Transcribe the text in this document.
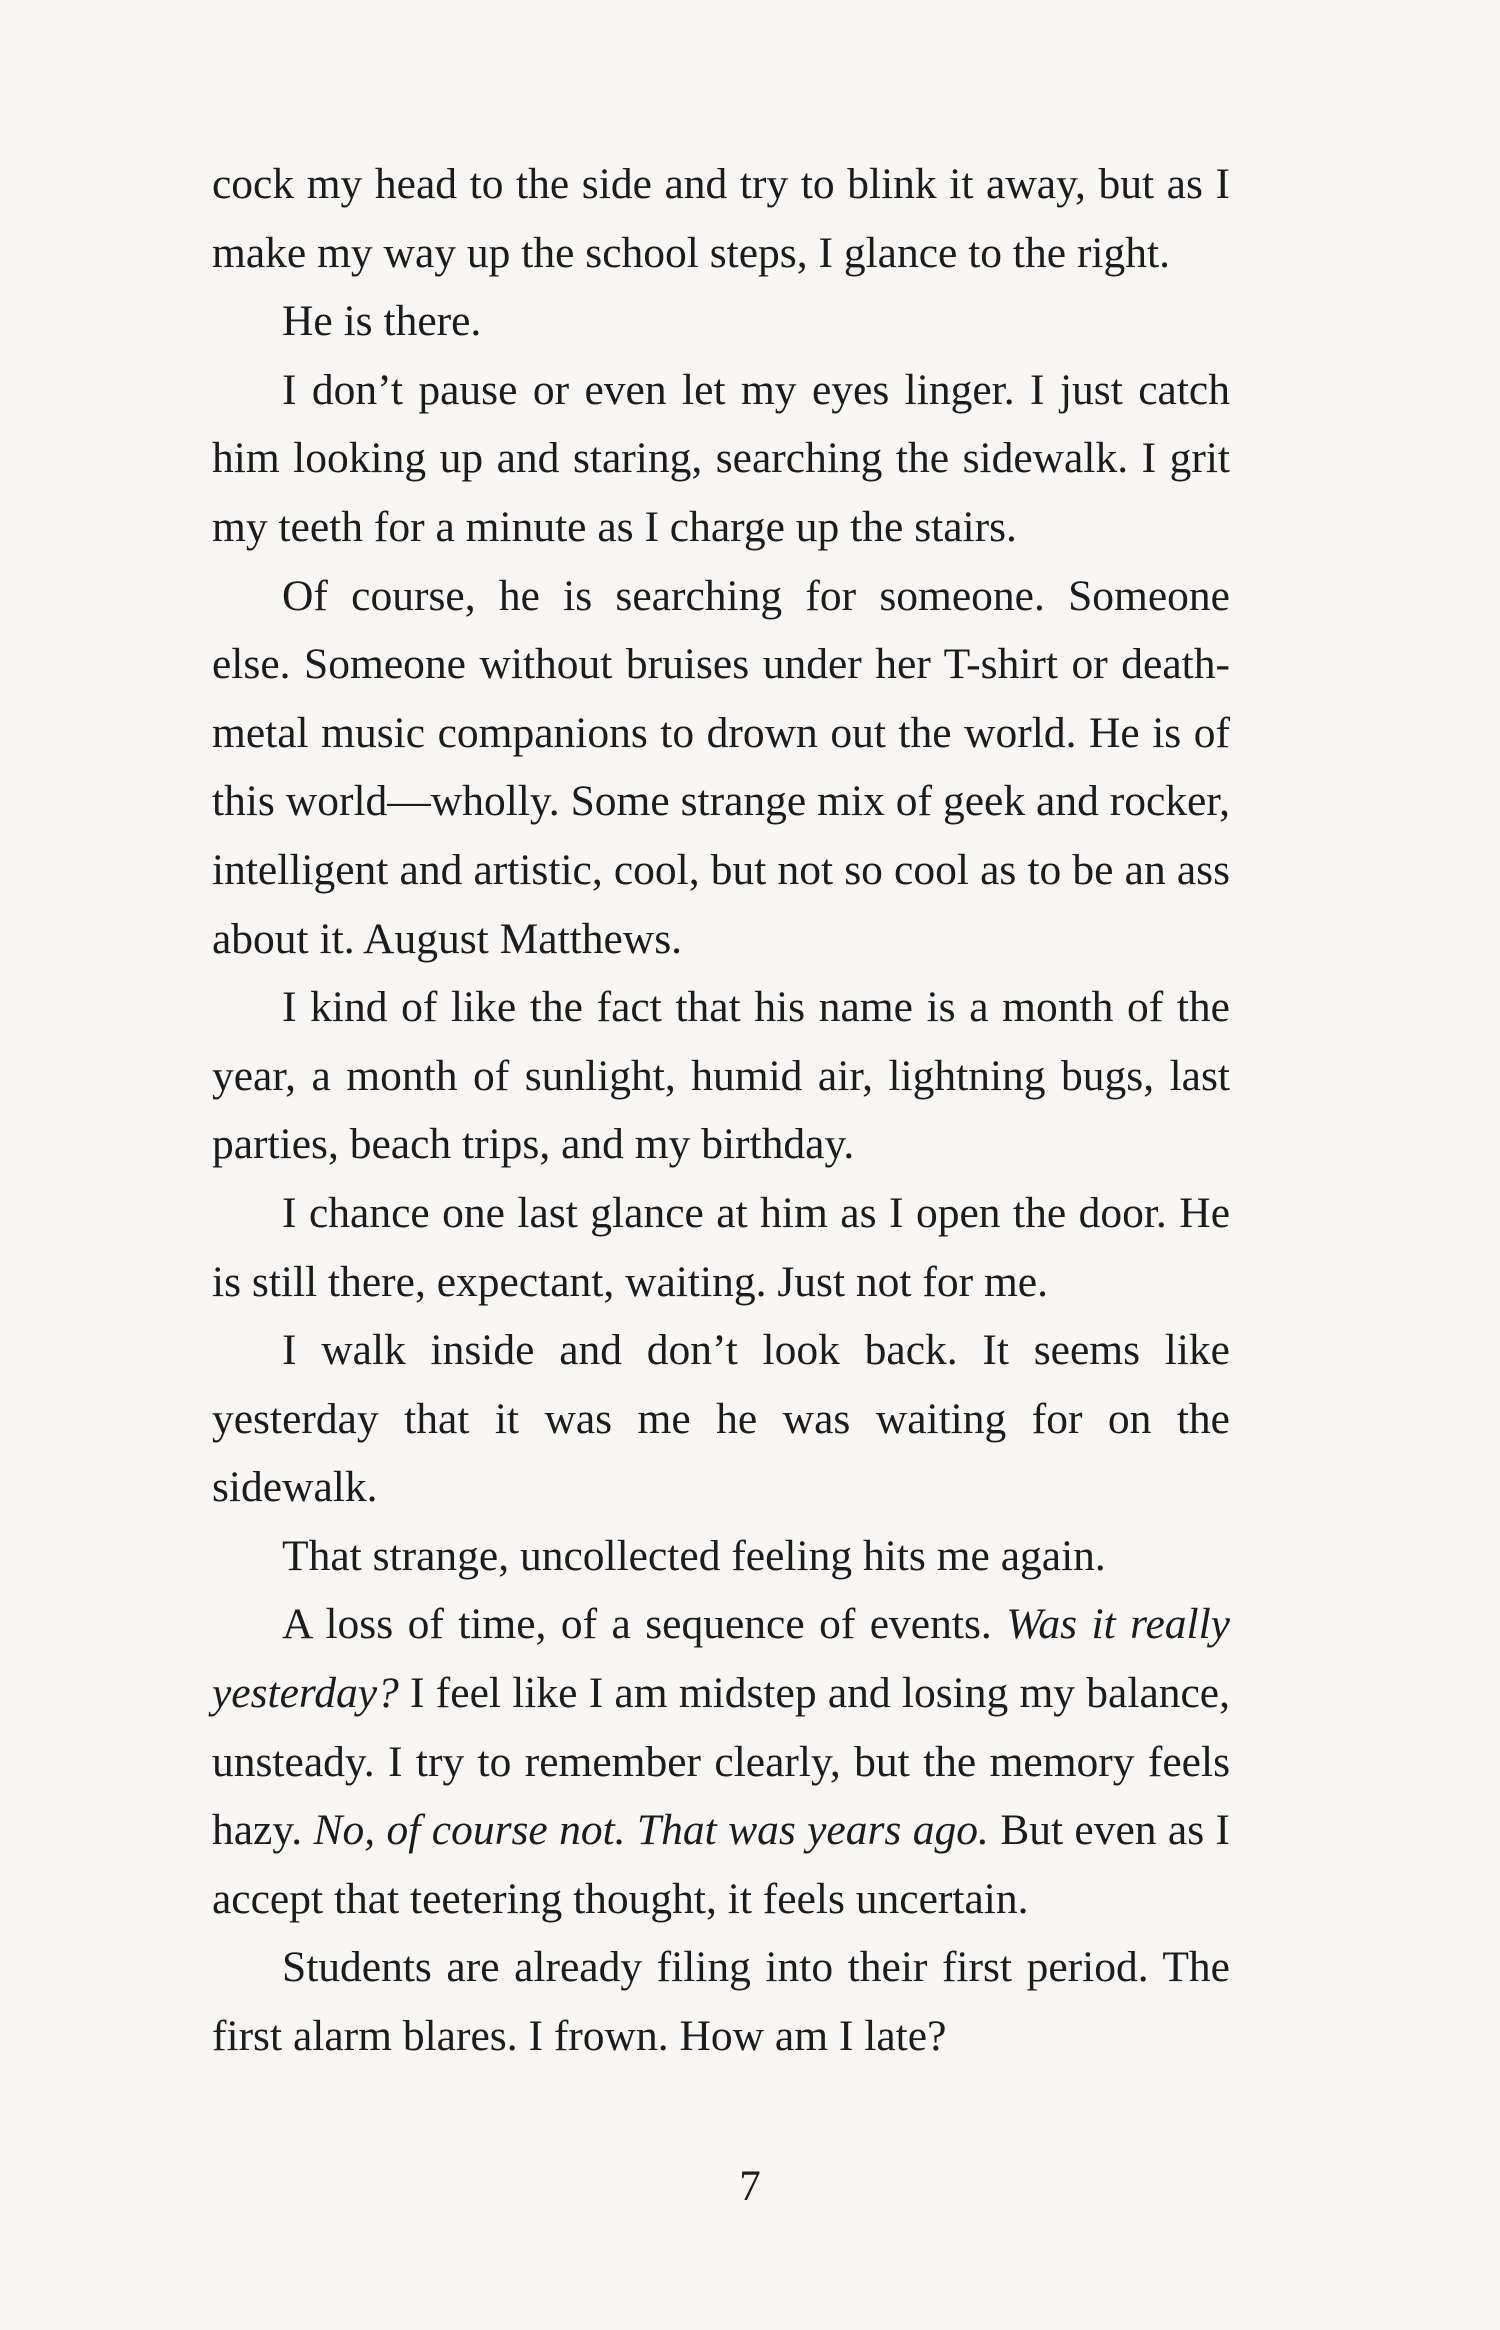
cock my head to the side and try to blink it away, but as I make my way up the school steps, I glance to the right.

He is there.

I don’t pause or even let my eyes linger. I just catch him looking up and staring, searching the sidewalk. I grit my teeth for a minute as I charge up the stairs.

Of course, he is searching for someone. Someone else. Someone without bruises under her T-shirt or death-metal music companions to drown out the world. He is of this world—wholly. Some strange mix of geek and rocker, intelligent and artistic, cool, but not so cool as to be an ass about it. August Matthews.

I kind of like the fact that his name is a month of the year, a month of sunlight, humid air, lightning bugs, last parties, beach trips, and my birthday.

I chance one last glance at him as I open the door. He is still there, expectant, waiting. Just not for me.

I walk inside and don’t look back. It seems like yesterday that it was me he was waiting for on the sidewalk.

That strange, uncollected feeling hits me again.

A loss of time, of a sequence of events. Was it really yesterday? I feel like I am midstep and losing my balance, unsteady. I try to remember clearly, but the memory feels hazy. No, of course not. That was years ago. But even as I accept that teetering thought, it feels uncertain.

Students are already filing into their first period. The first alarm blares. I frown. How am I late?

7
